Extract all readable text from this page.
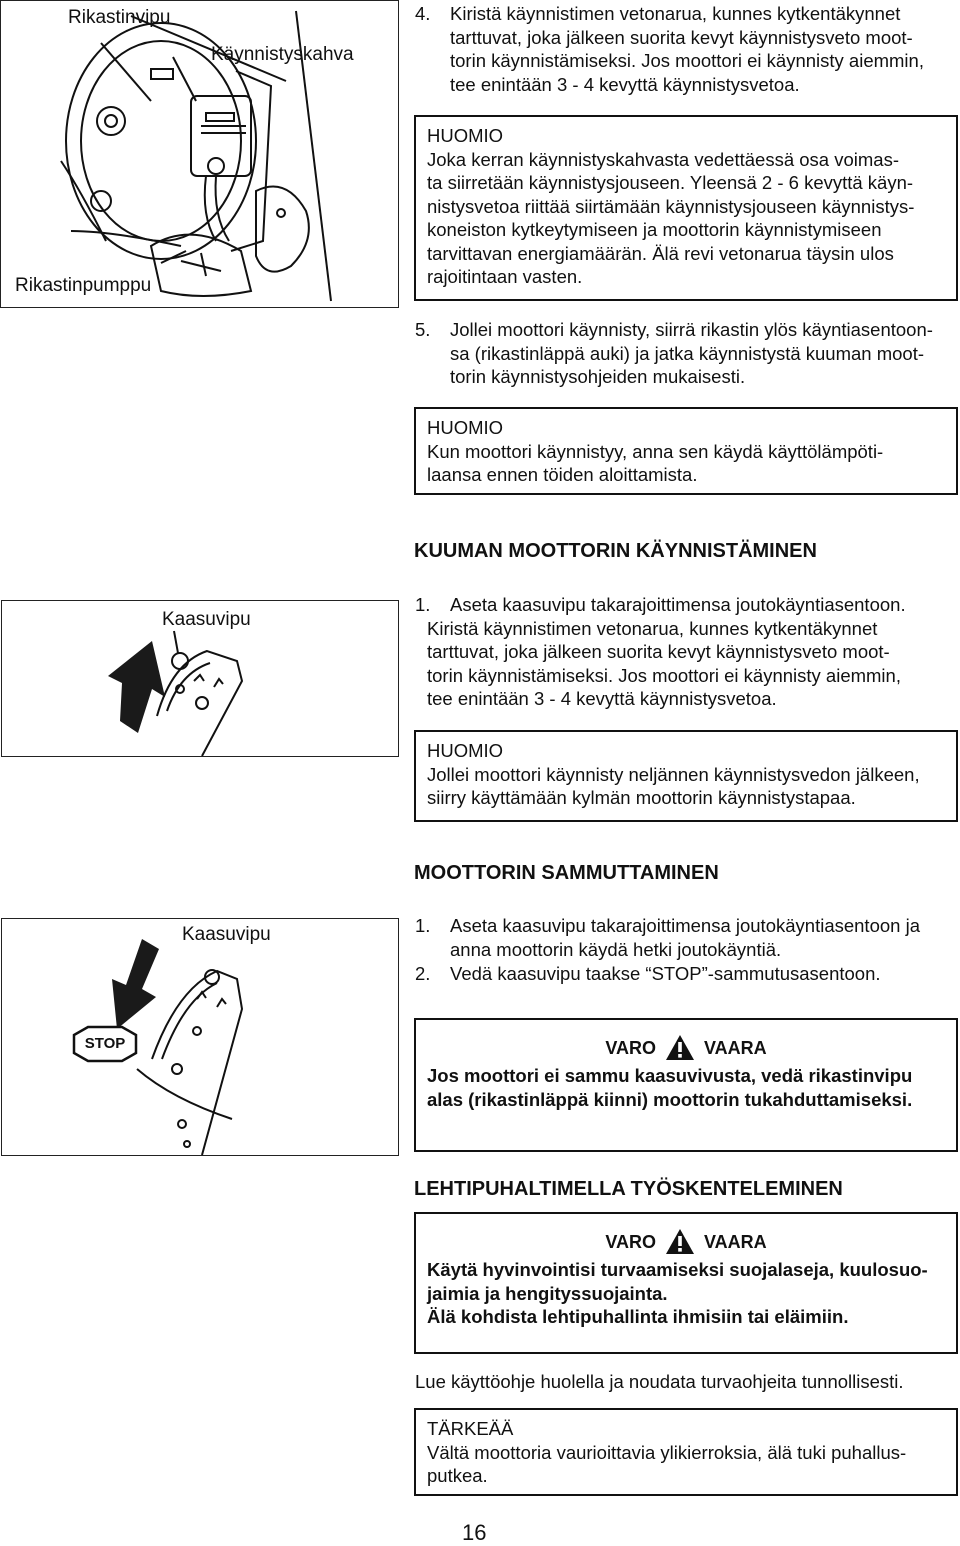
Rikastinvipu
Käynnistyskahva
Rikastinpumppu
4. Kiristä käynnistimen vetonarua, kunnes kytkentäkynnet
tarttuvat, joka jälkeen suorita kevyt käynnistysveto moot-
torin käynnistämiseksi. Jos moottori ei käynnisty aiemmin,
tee enintään 3 - 4 kevyttä käynnistysvetoa.
HUOMIO
Joka kerran käynnistyskahvasta vedettäessä osa voimas-
ta siirretään käynnistysjouseen. Yleensä 2 - 6 kevyttä käyn-
nistysvetoa riittää siirtämään käynnistysjouseen käynnistys-
koneiston kytkeytymiseen ja moottorin käynnistymiseen
tarvittavan energiamäärän. Älä revi vetonarua täysin ulos
rajoitintaan vasten.
5. Jollei moottori käynnisty, siirrä rikastin ylös käyntiasentoon-
sa (rikastinläppä auki) ja jatka käynnistystä kuuman moot-
torin käynnistysohjeiden mukaisesti.
HUOMIO
Kun moottori käynnistyy, anna sen käydä käyttölämpöti-
laansa ennen töiden aloittamista.
KUUMAN MOOTTORIN KÄYNNISTÄMINEN
Kaasuvipu
1. Aseta kaasuvipu takarajoittimensa joutokäyntiasentoon.
Kiristä käynnistimen vetonarua, kunnes kytkentäkynnet
tarttuvat, joka jälkeen suorita kevyt käynnistysveto moot-
torin käynnistämiseksi. Jos moottori ei käynnisty aiemmin,
tee enintään 3 - 4 kevyttä käynnistysvetoa.
HUOMIO
Jollei moottori käynnisty neljännen käynnistysvedon jälkeen,
siirry käyttämään kylmän moottorin käynnistystapaa.
MOOTTORIN SAMMUTTAMINEN
STOP
Kaasuvipu	1. Aseta kaasuvipu takarajoittimensa joutokäyntiasentoon ja
anna moottorin käydä hetki joutokäyntiä.
2. Vedä kaasuvipu taakse “STOP”-sammutusasentoon.
VARO	VAARA
Jos moottori ei sammu kaasuvivusta, vedä rikastinvipu
alas (rikastinläppä kiinni) moottorin tukahduttamiseksi.
LEHTIPUHALTIMELLA TYÖSKENTELEMINEN
VARO	VAARA
Käytä hyvinvointisi turvaamiseksi suojalaseja, kuulosuo-
jaimia ja hengityssuojainta.
Älä kohdista lehtipuhallinta ihmisiin tai eläimiin.
Lue käyttöohje huolella ja noudata turvaohjeita tunnollisesti.
TÄRKEÄÄ
Vältä moottoria vaurioittavia ylikierroksia, älä tuki puhallus-
putkea.
16
